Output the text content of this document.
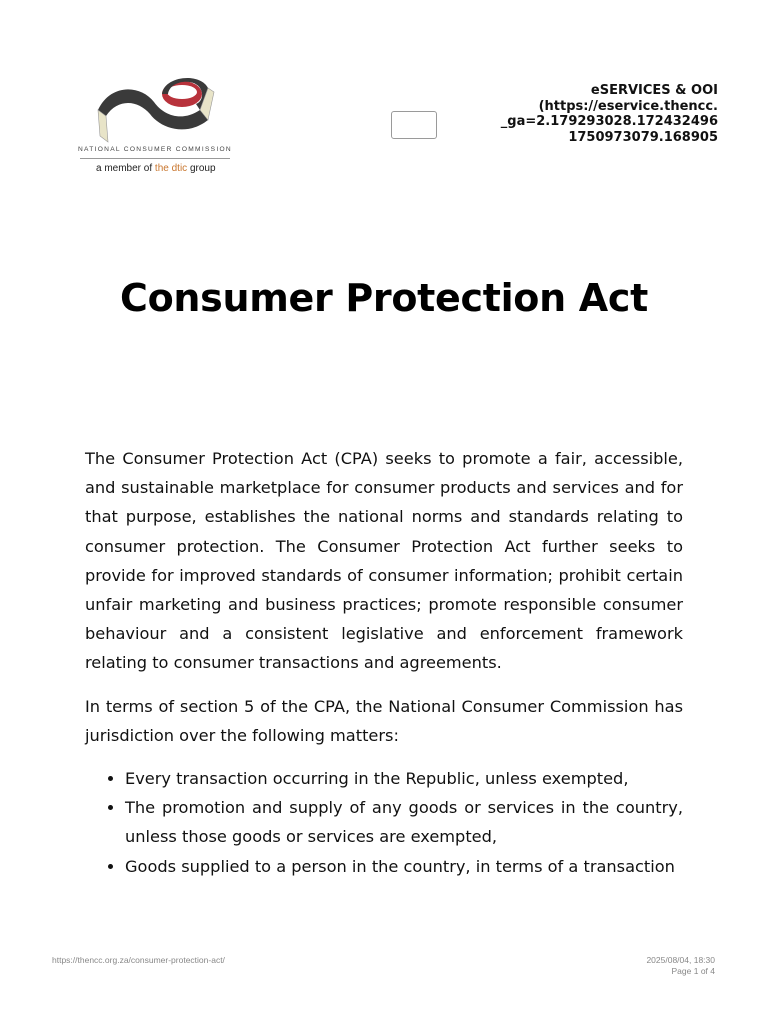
NATIONAL CONSUMER COMMISSION
a member of the dtic group
eSERVICES & OOI
(https://eservice.thencc.
_ga=2.179293028.172432496
1750973079.168905
Consumer Protection Act

The Consumer Protection Act (CPA) seeks to promote a fair, accessible, and sustainable marketplace for consumer products and services and for that purpose, establishes the national norms and standards relating to consumer protection. The Consumer Protection Act further seeks to provide for improved standards of consumer information; prohibit certain unfair marketing and business practices; promote responsible consumer behaviour and a consistent legislative and enforcement framework relating to consumer transactions and agreements.

In terms of section 5 of the CPA, the National Consumer Commission has jurisdiction over the following matters:

• Every transaction occurring in the Republic, unless exempted,
• The promotion and supply of any goods or services in the country, unless those goods or services are exempted,
• Goods supplied to a person in the country, in terms of a transaction
https://thencc.org.za/consumer-protection-act/	2025/08/04, 18:30
Page 1 of 4
